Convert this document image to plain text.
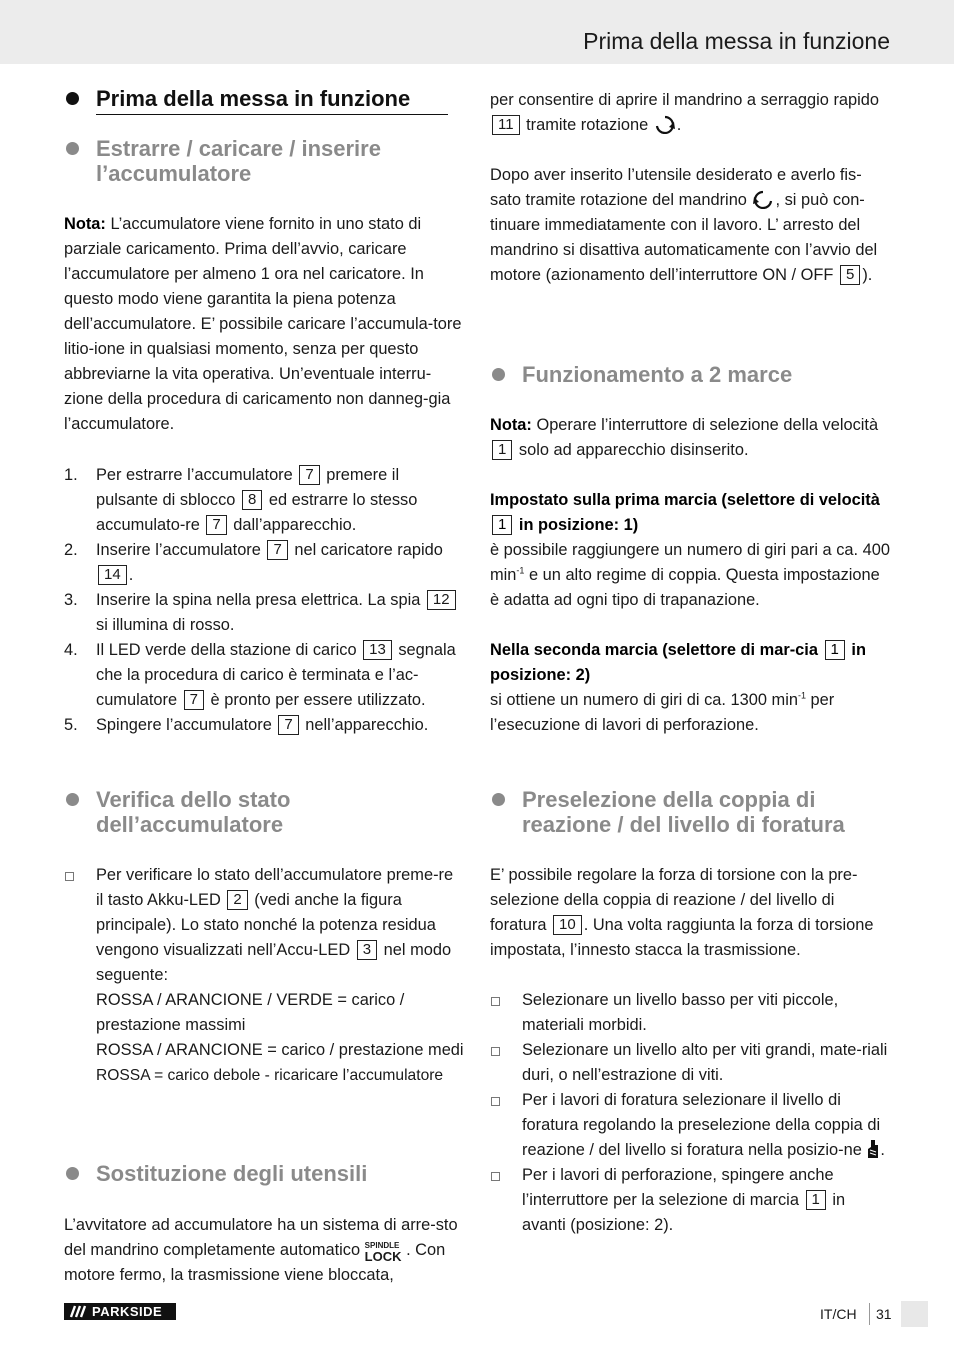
Prima della messa in funzione
Prima della messa in funzione
Estrarre / caricare / inserire l’accumulatore

Nota: L’accumulatore viene fornito in uno stato di parziale caricamento. Prima dell’avvio, caricare l’accumulatore per almeno 1 ora nel caricatore. In questo modo viene garantita la piena potenza dell’accumulatore. E’ possibile caricare l’accumula-tore litio-ione in qualsiasi momento, senza per questo abbreviarne la vita operativa. Un’eventuale interru-zione della procedura di caricamento non danneg-gia l’accumulatore.

1. Per estrarre l’accumulatore 7 premere il pulsante di sblocco 8 ed estrarre lo stesso accumulato-re 7 dall’apparecchio.
2. Inserire l’accumulatore 7 nel caricatore rapido 14 .
3. Inserire la spina nella presa elettrica. La spia 12 si illumina di rosso.
4. Il LED verde della stazione di carico 13 segnala che la procedura di carico è terminata e l’ac-cumulatore 7 è pronto per essere utilizzato.
5. Spingere l’accumulatore 7 nell’apparecchio.
Verifica dello stato dell’accumulatore
Per verificare lo stato dell’accumulatore preme-re il tasto Akku-LED 2 (vedi anche la figura principale). Lo stato nonché la potenza residua vengono visualizzati nell’Accu-LED 3 nel modo seguente:
ROSSA / ARANCIONE / VERDE = carico / prestazione massimi
ROSSA / ARANCIONE = carico / prestazione medi
ROSSA = carico debole - ricaricare l’accumulatore
Sostituzione degli utensili

L’avvitatore ad accumulatore ha un sistema di arre-sto del mandrino completamente automatico SPINDLE
LOCK . Con motore fermo, la trasmissione viene bloccata,

per consentire di aprire il mandrino a serraggio rapido 11 tramite rotazione .

Dopo aver inserito l’utensile desiderato e averlo fis-sato tramite rotazione del mandrino , si può con-tinuare immediatamente con il lavoro. L’ arresto del mandrino si disattiva automaticamente con l’avvio del motore (azionamento dell’interruttore ON / OFF 5 ).

Funzionamento a 2 marce

Nota: Operare l’interruttore di selezione della velocità 1 solo ad apparecchio disinserito.

Impostato sulla prima marcia (selettore di velocità 1 in posizione: 1)
è possibile raggiungere un numero di giri pari a ca. 400 $\min^{-1} e$ un alto regime di coppia. Questa impostazione è adatta ad ogni tipo di trapanazione.

Nella seconda marcia (selettore di mar-cia 1 in posizione: 2)
si ottiene un numero di giri di ca. 1300 $\min^{-1}$ per l’esecuzione di lavori di perforazione.

Preselezione della coppia di reazione / del livello di foratura

E’ possibile regolare la forza di torsione con la pre-selezione della coppia di reazione / del livello di foratura 10 . Una volta raggiunta la forza di torsione impostata, l’innesto stacca la trasmissione.

Selezionare un livello basso per viti piccole, materiali morbidi.
Selezionare un livello alto per viti grandi, mate-riali duri, o nell’estrazione di viti.
Per i lavori di foratura selezionare il livello di foratura regolando la preselezione della coppia di reazione / del livello si foratura nella posizio-ne .
Per i lavori di perforazione, spingere anche l’interruttore per la selezione di marcia 1 in avanti (posizione: 2).
PARKSIDE	IT/CH 31
